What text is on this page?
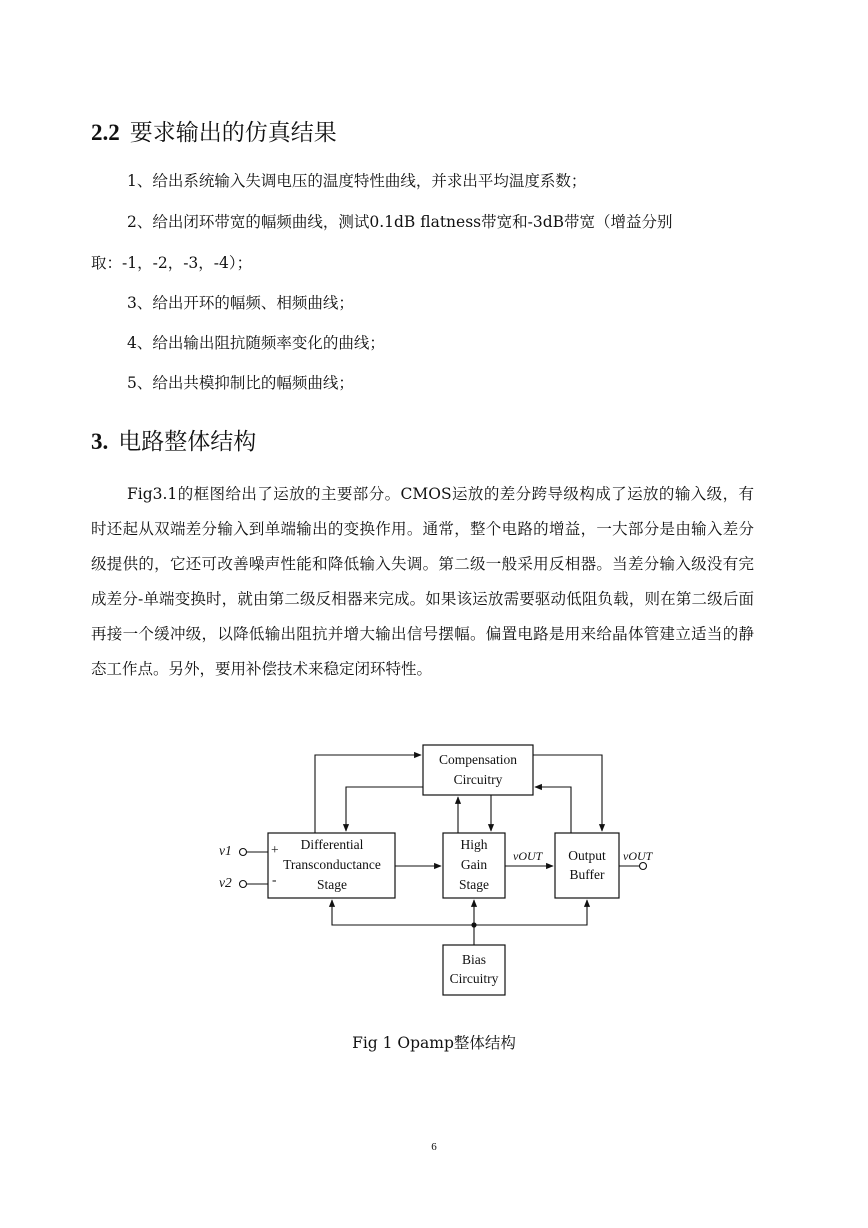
2.2 要求输出的仿真结果
1、给出系统输入失调电压的温度特性曲线，并求出平均温度系数；
2、给出闭环带宽的幅频曲线，测试0.1dB flatness带宽和-3dB带宽（增益分别
取：-1，-2，-3，-4）；
3、给出开环的幅频、相频曲线；
4、给出输出阻抗随频率变化的曲线；
5、给出共模抑制比的幅频曲线；
3. 电路整体结构

Fig3.1的框图给出了运放的主要部分。CMOS运放的差分跨导级构成了运放的输入级，有时还起从双端差分输入到单端输出的变换作用。通常，整个电路的增益，一大部分是由输入差分级提供的，它还可改善噪声性能和降低输入失调。第二级一般采用反相器。当差分输入级没有完成差分-单端变换时，就由第二级反相器来完成。如果该运放需要驱动低阻负载，则在第二级后面再接一个缓冲级，以降低输出阻抗并增大输出信号摆幅。偏置电路是用来给晶体管建立适当的静态工作点。另外，要用补偿技术来稳定闭环特性。

Compensation
Circuitry
Differential
Transconductance
Stage
+
-
High
Gain
Stage
Output
Buffer
Bias
Circuitry
v1
v2
vOUT	vOUT
Fig 1 Opamp整体结构
6
